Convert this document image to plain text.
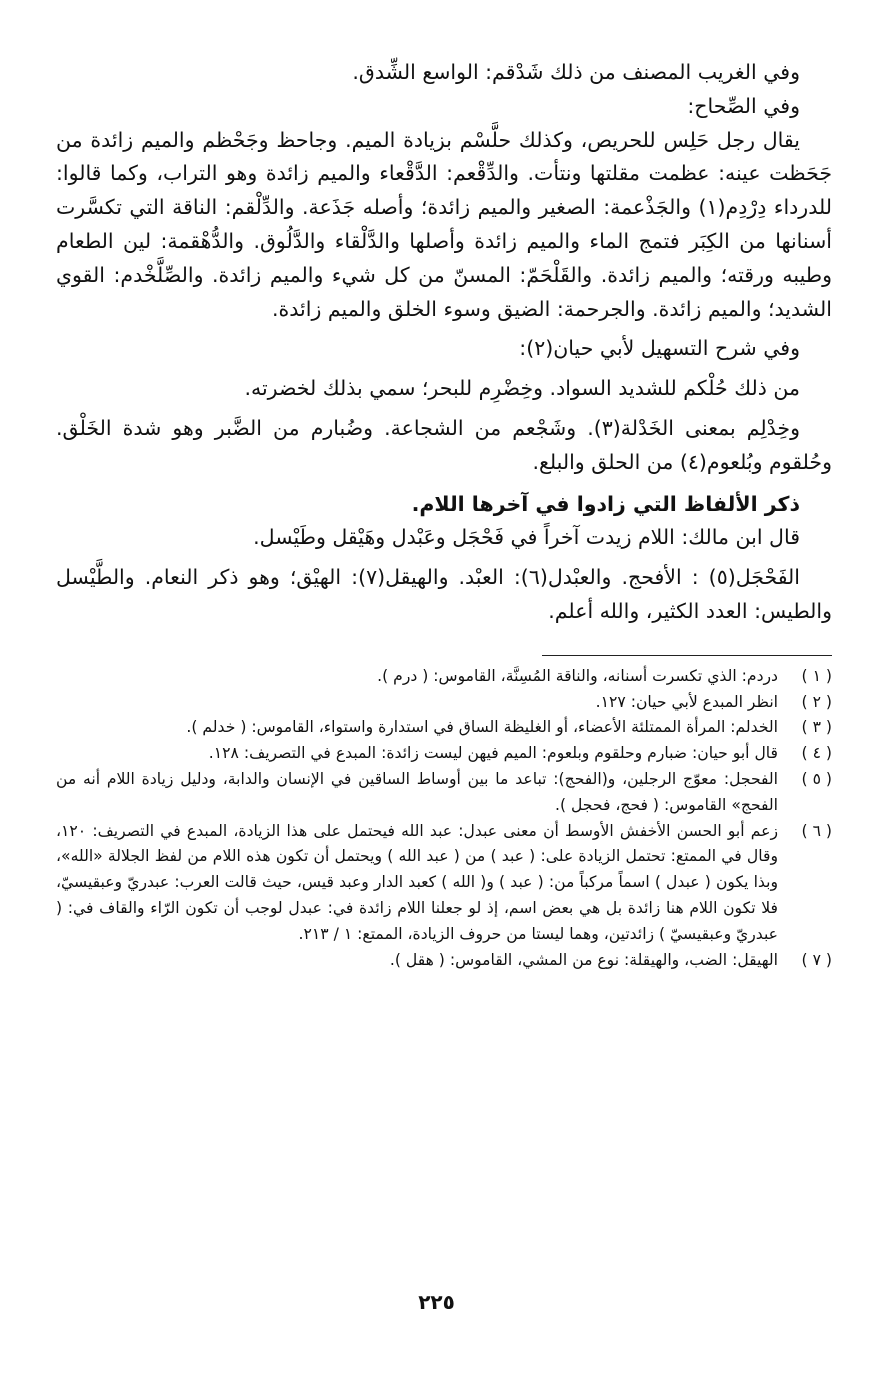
وفي الغريب المصنف من ذلك شَدْقم: الواسع الشِّدق.

وفي الصِّحاح:

يقال رجل حَلِس للحريص، وكذلك حلَّسْم بزيادة الميم. وجاحظ وجَحْظم والميم زائدة من جَحَظت عينه: عظمت مقلتها ونتأت. والدِّقْعم: الدَّقْعاء والميم زائدة وهو التراب، وكما قالوا: للدرداء دِرْدِم(١) والجَذْعمة: الصغير والميم زائدة؛ وأصله جَذَعة. والدِّلْقم: الناقة التي تكسَّرت أسنانها من الكِبَر فتمج الماء والميم زائدة وأصلها والدَّلْقاء والدَّلُوق. والدُّهْقمة: لين الطعام وطيبه ورقته؛ والميم زائدة. والقَلْحَمّ: المسنّ من كل شيء والميم زائدة. والصِّلَّخْدم: القوي الشديد؛ والميم زائدة. والجرحمة: الضيق وسوء الخلق والميم زائدة.

وفي شرح التسهيل لأبي حيان(٢):

من ذلك حُلْكم للشديد السواد. وخِضْرِم للبحر؛ سمي بذلك لخضرته.

وخِدْلِم بمعنى الخَدْلة(٣). وشَجْعم من الشجاعة. وضُبارم من الضَّبر وهو شدة الخَلْق. وحُلقوم وبُلعوم(٤) من الحلق والبلع.

ذكر الألفاظ التي زادوا في آخرها اللام.

قال ابن مالك: اللام زيدت آخراً في فَحْجَل وعَبْدل وهَيْقل وطَيْسل.

الفَحْجَل(٥) : الأفحج. والعبْدل(٦): العبْد. والهيقل(٧): الهيْق؛ وهو ذكر النعام. والطَّيْسل والطيس: العدد الكثير، والله أعلم.

( ١ )
دردم: الذي تكسرت أسنانه، والناقة المُسِنَّة، القاموس: ( درم ).
( ٢ )
انظر المبدع لأبي حيان: ١٢٧.
( ٣ )
الخدلم: المرأة الممتلئة الأعضاء، أو الغليظة الساق في استدارة واستواء، القاموس: ( خدلم ).
( ٤ )
قال أبو حيان: ضبارم وحلقوم وبلعوم: الميم فيهن ليست زائدة: المبدع في التصريف: ١٢٨.
( ٥ )
الفحجل: معوّج الرجلين، و(الفحج): تباعد ما بين أوساط الساقين في الإنسان والدابة، ودليل زيادة اللام أنه من الفحج» القاموس: ( فحج، فحجل ).
( ٦ )
زعم أبو الحسن الأخفش الأوسط أن معنى عبدل: عبد الله فيحتمل على هذا الزيادة، المبدع في التصريف: ١٢٠، وقال في الممتع: تحتمل الزيادة على: ( عبد ) من ( عبد الله ) ويحتمل أن تكون هذه اللام من لفظ الجلالة «الله»، وبذا يكون ( عبدل ) اسماً مركباً من: ( عبد ) و( الله ) كعبد الدار وعبد قيس، حيث قالت العرب: عبدريّ وعبقيسيّ، فلا تكون اللام هنا زائدة بل هي بعض اسم، إذ لو جعلنا اللام زائدة في: عبدل لوجب أن تكون الرّاء والقاف في: ( عبدريّ وعبقيسيّ ) زائدتين، وهما ليستا من حروف الزيادة، الممتع: ١ / ٢١٣.
( ٧ )
الهيقل: الضب، والهيقلة: نوع من المشي، القاموس: ( هقل ).
٢٢٥
